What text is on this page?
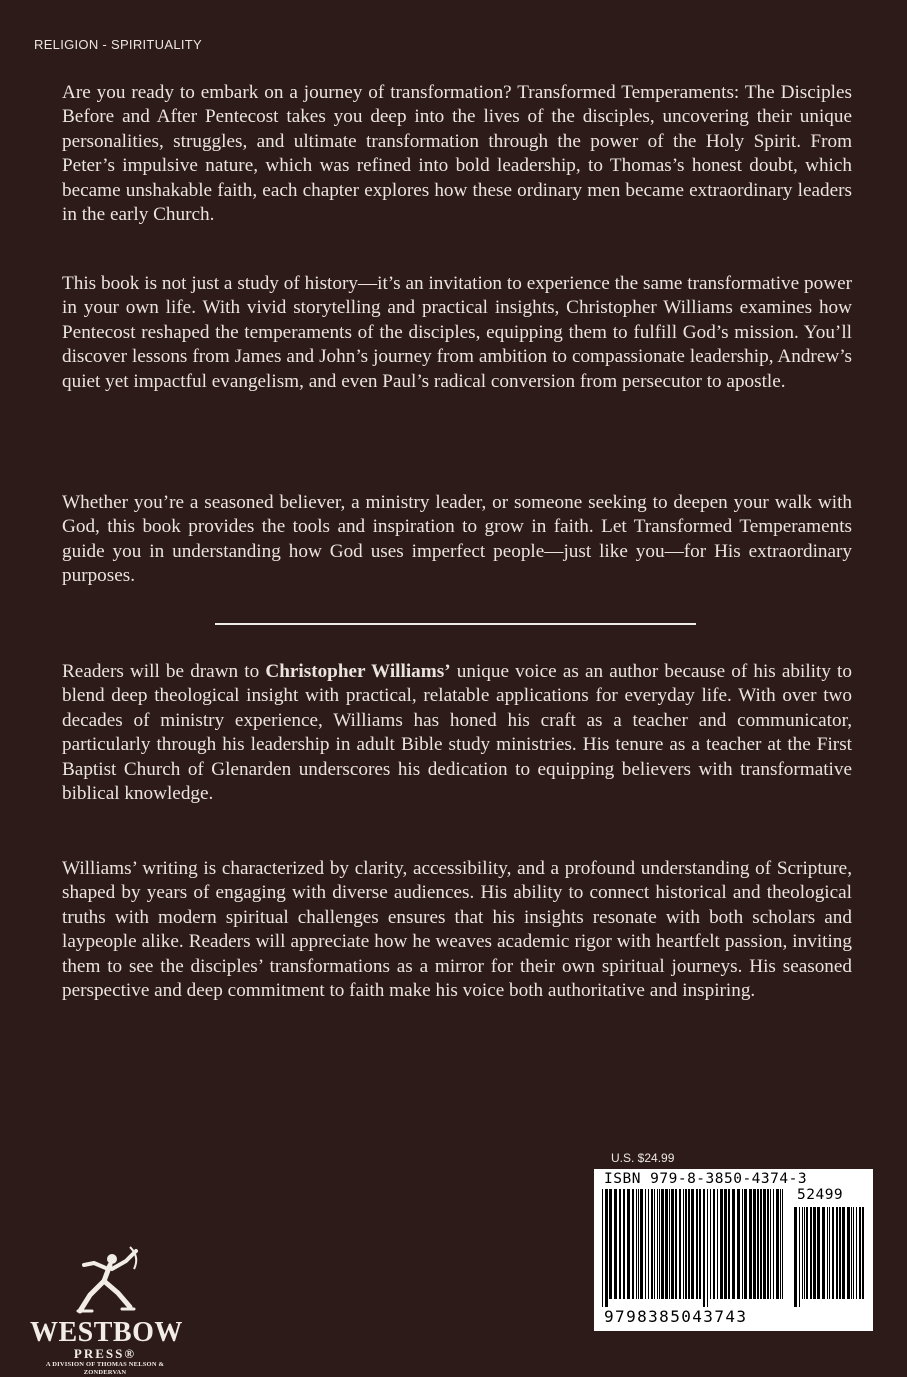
RELIGION - SPIRITUALITY

Are you ready to embark on a journey of transformation? Transformed Temperaments: The Disciples Before and After Pentecost takes you deep into the lives of the disciples, uncovering their unique personalities, struggles, and ultimate transformation through the power of the Holy Spirit. From Peter’s impulsive nature, which was refined into bold leadership, to Thomas’s honest doubt, which became unshakable faith, each chapter explores how these ordinary men became extraordinary leaders in the early Church.

This book is not just a study of history—it’s an invitation to experience the same transformative power in your own life. With vivid storytelling and practical insights, Christopher Williams examines how Pentecost reshaped the temperaments of the disciples, equipping them to fulfill God’s mission. You’ll discover lessons from James and John’s journey from ambition to compassionate leadership, Andrew’s quiet yet impactful evangelism, and even Paul’s radical conversion from persecutor to apostle.

Whether you’re a seasoned believer, a ministry leader, or someone seeking to deepen your walk with God, this book provides the tools and inspiration to grow in faith. Let Transformed Temperaments guide you in understanding how God uses imperfect people—just like you—for His extraordinary purposes.

Readers will be drawn to Christopher Williams’ unique voice as an author because of his ability to blend deep theological insight with practical, relatable applications for everyday life. With over two decades of ministry experience, Williams has honed his craft as a teacher and communicator, particularly through his leadership in adult Bible study ministries. His tenure as a teacher at the First Baptist Church of Glenarden underscores his dedication to equipping believers with transformative biblical knowledge.

Williams’ writing is characterized by clarity, accessibility, and a profound understanding of Scripture, shaped by years of engaging with diverse audiences. His ability to connect historical and theological truths with modern spiritual challenges ensures that his insights resonate with both scholars and laypeople alike. Readers will appreciate how he weaves academic rigor with heartfelt passion, inviting them to see the disciples’ transformations as a mirror for their own spiritual journeys. His seasoned perspective and deep commitment to faith make his voice both authoritative and inspiring.

WESTBOW
PRESS®
A DIVISION OF THOMAS NELSON & ZONDERVAN
U.S. $24.99
ISBN 979-8-3850-4374-3
52499
9798385043743
